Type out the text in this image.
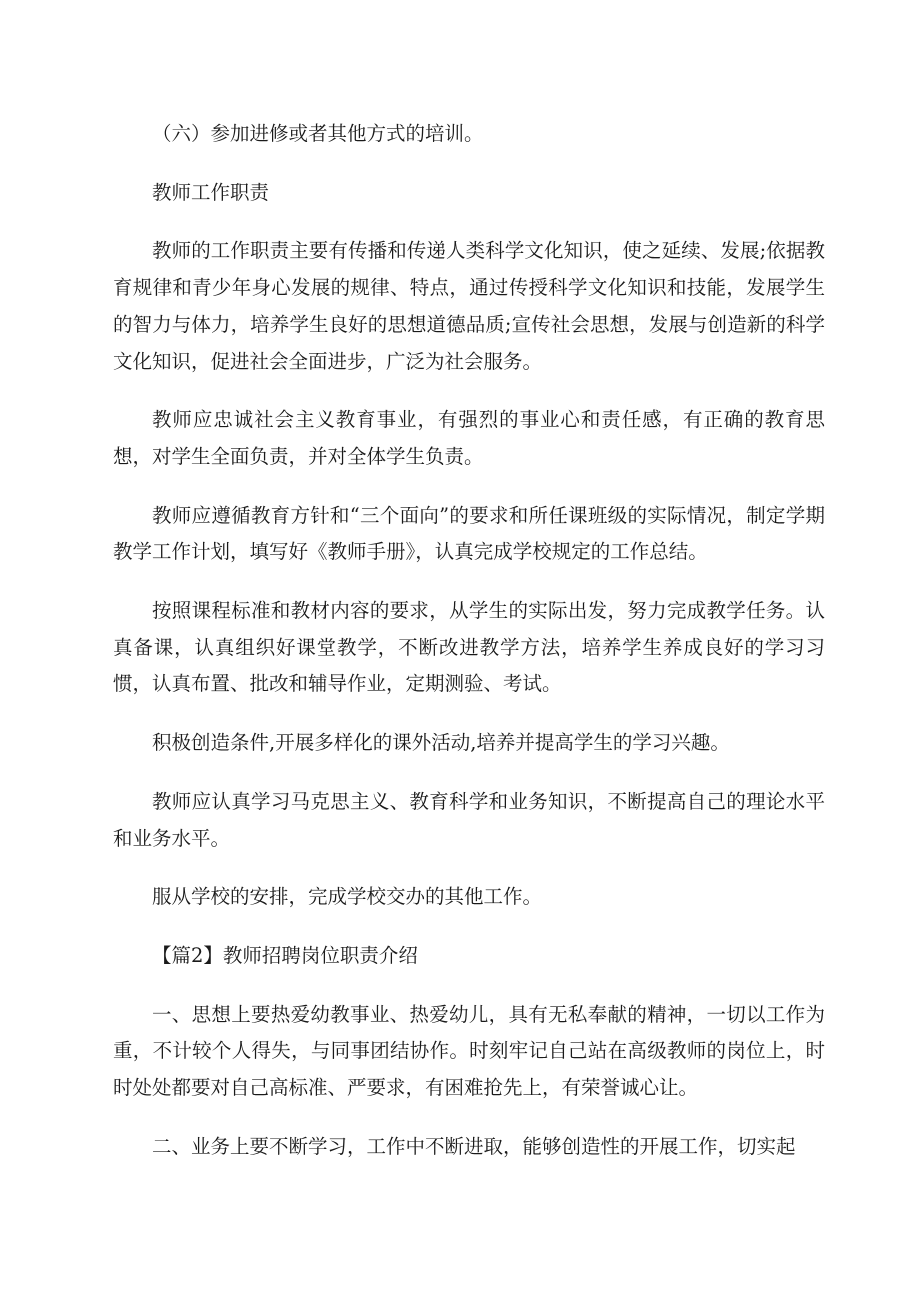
（六）参加进修或者其他方式的培训。

教师工作职责

教师的工作职责主要有传播和传递人类科学文化知识，使之延续、发展;依据教育规律和青少年身心发展的规律、特点，通过传授科学文化知识和技能，发展学生的智力与体力，培养学生良好的思想道德品质;宣传社会思想，发展与创造新的科学文化知识，促进社会全面进步，广泛为社会服务。

教师应忠诚社会主义教育事业，有强烈的事业心和责任感，有正确的教育思想，对学生全面负责，并对全体学生负责。

教师应遵循教育方针和“三个面向”的要求和所任课班级的实际情况，制定学期教学工作计划，填写好《教师手册》，认真完成学校规定的工作总结。

按照课程标准和教材内容的要求，从学生的实际出发，努力完成教学任务。认真备课，认真组织好课堂教学，不断改进教学方法，培养学生养成良好的学习习惯，认真布置、批改和辅导作业，定期测验、考试。

积极创造条件,开展多样化的课外活动,培养并提高学生的学习兴趣。

教师应认真学习马克思主义、教育科学和业务知识，不断提高自己的理论水平和业务水平。

服从学校的安排，完成学校交办的其他工作。

【篇2】教师招聘岗位职责介绍

一、思想上要热爱幼教事业、热爱幼儿，具有无私奉献的精神，一切以工作为重，不计较个人得失，与同事团结协作。时刻牢记自己站在高级教师的岗位上，时时处处都要对自己高标准、严要求，有困难抢先上，有荣誉诚心让。

二、业务上要不断学习，工作中不断进取，能够创造性的开展工作，切实起
